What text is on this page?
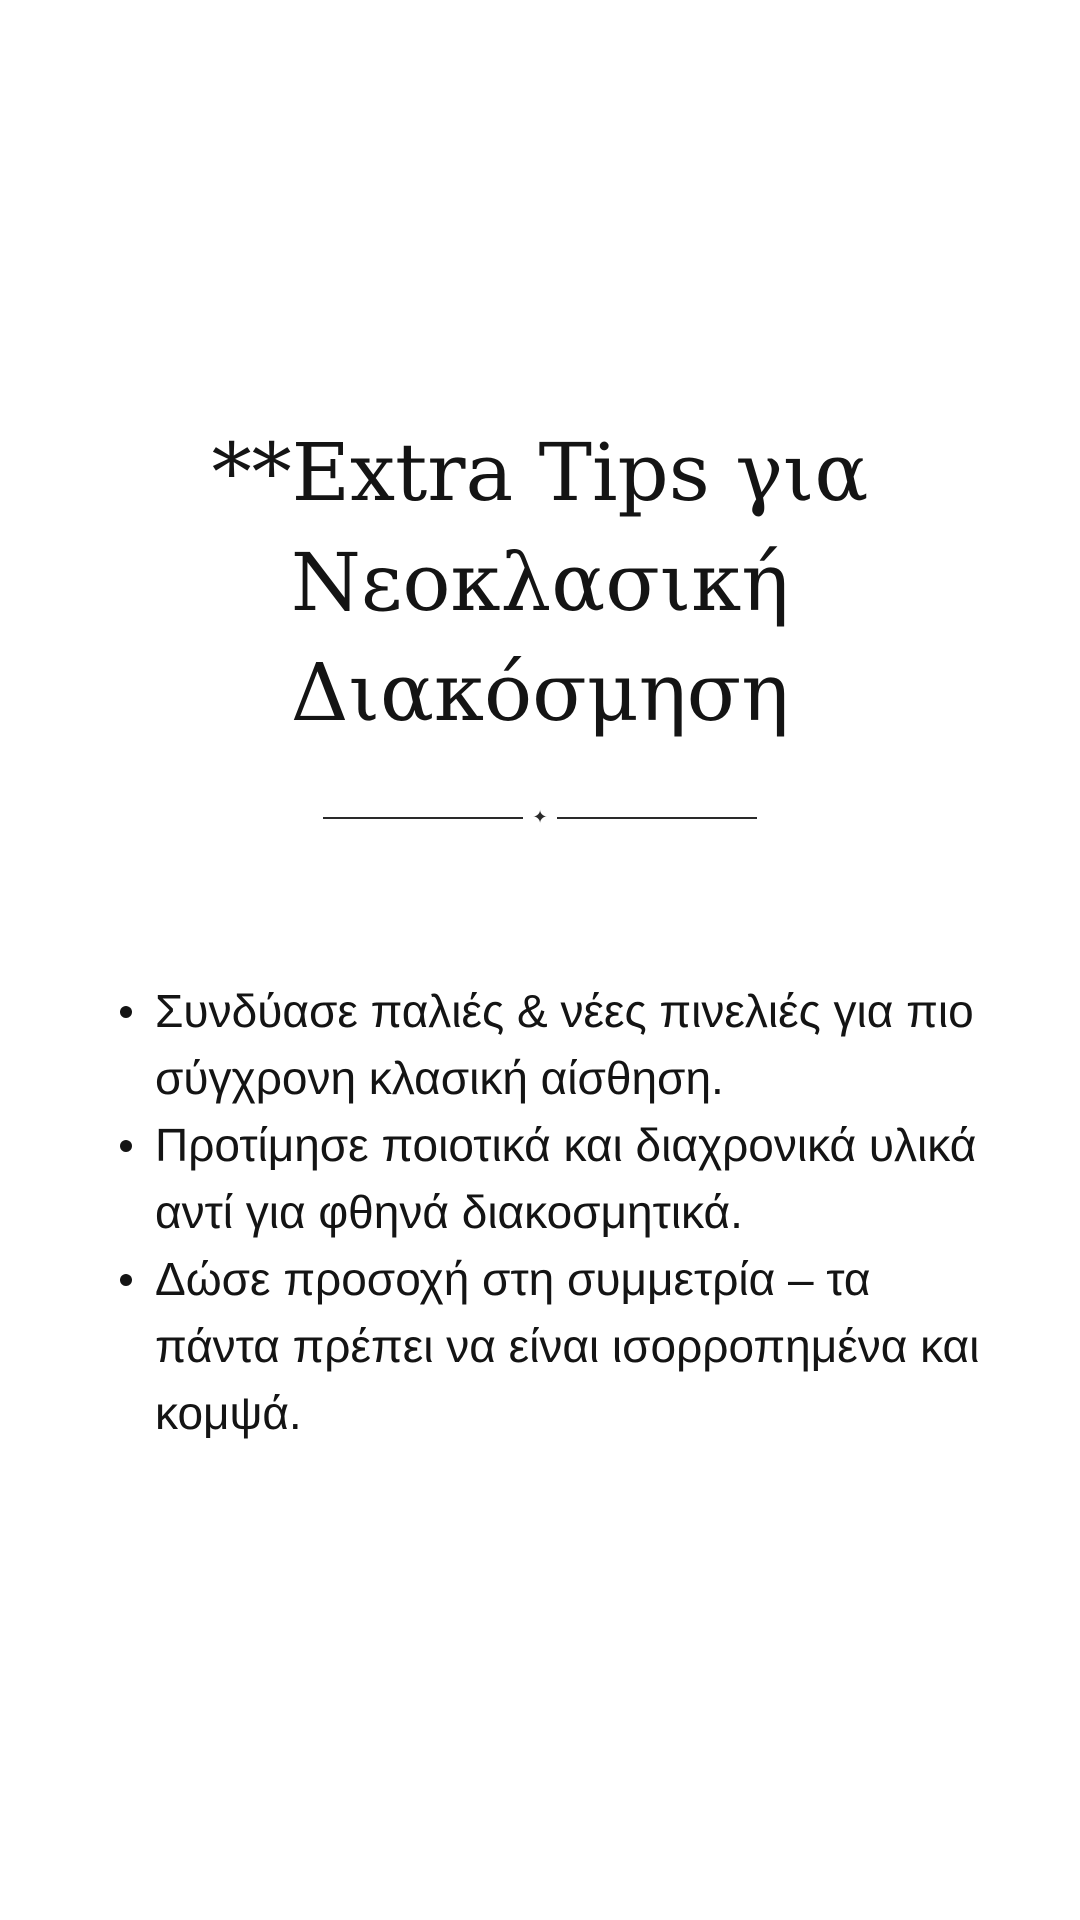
**Extra Tips για Νεοκλασική Διακόσμηση
✦
Συνδύασε παλιές & νέες πινελιές για πιο σύγχρονη κλασική αίσθηση.
Προτίμησε ποιοτικά και διαχρονικά υλικά αντί για φθηνά διακοσμητικά.
Δώσε προσοχή στη συμμετρία – τα πάντα πρέπει να είναι ισορροπημένα και κομψά.
